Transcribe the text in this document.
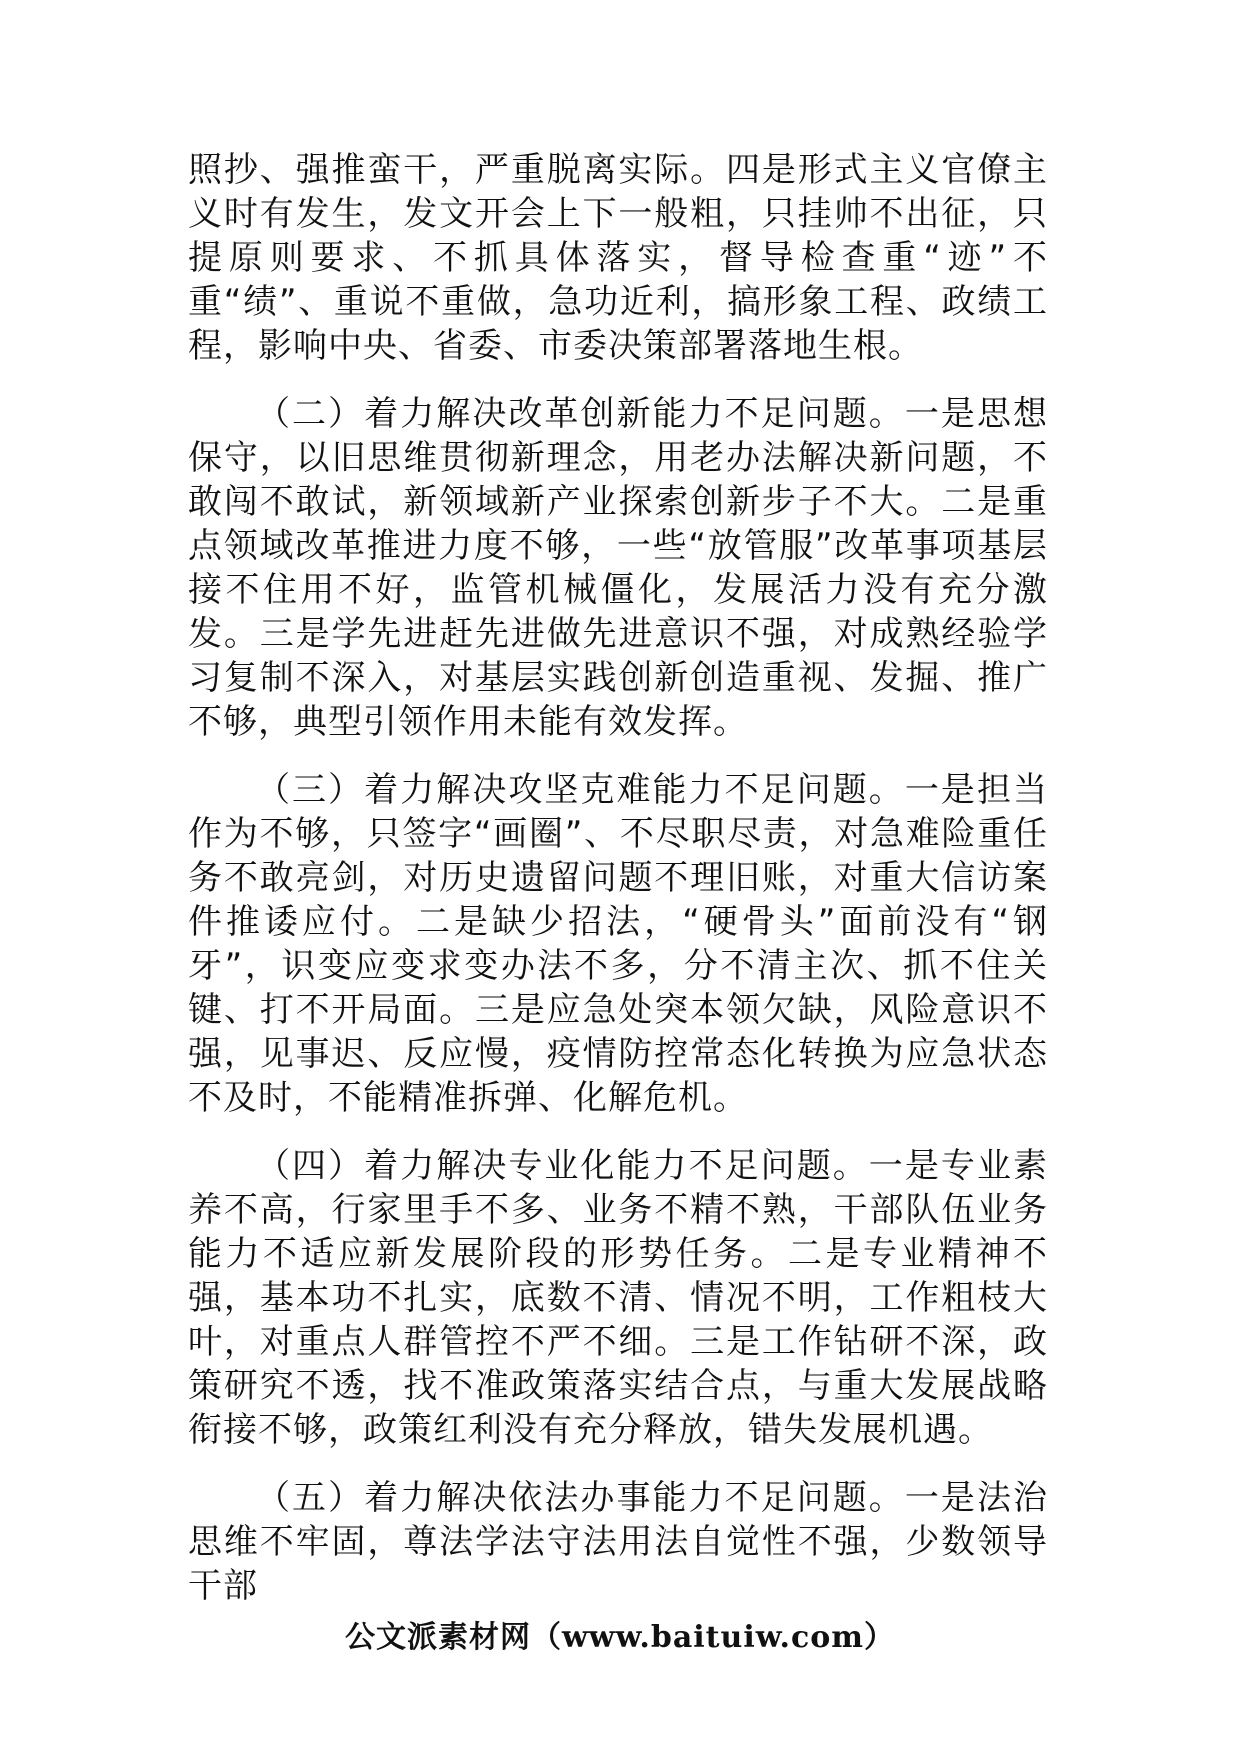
照抄、强推蛮干，严重脱离实际。四是形式主义官僚主义时有发生，发文开会上下一般粗，只挂帅不出征，只提原则要求、不抓具体落实，督导检查重“迹”不重“绩”、重说不重做，急功近利，搞形象工程、政绩工程，影响中央、省委、市委决策部署落地生根。

（二）着力解决改革创新能力不足问题。一是思想保守，以旧思维贯彻新理念，用老办法解决新问题，不敢闯不敢试，新领域新产业探索创新步子不大。二是重点领域改革推进力度不够，一些“放管服”改革事项基层接不住用不好，监管机械僵化，发展活力没有充分激发。三是学先进赶先进做先进意识不强，对成熟经验学习复制不深入，对基层实践创新创造重视、发掘、推广不够，典型引领作用未能有效发挥。

（三）着力解决攻坚克难能力不足问题。一是担当作为不够，只签字“画圈”、不尽职尽责，对急难险重任务不敢亮剑，对历史遗留问题不理旧账，对重大信访案件推诿应付。二是缺少招法，“硬骨头”面前没有“钢牙”，识变应变求变办法不多，分不清主次、抓不住关键、打不开局面。三是应急处突本领欠缺，风险意识不强，见事迟、反应慢，疫情防控常态化转换为应急状态不及时，不能精准拆弹、化解危机。

（四）着力解决专业化能力不足问题。一是专业素养不高，行家里手不多、业务不精不熟，干部队伍业务能力不适应新发展阶段的形势任务。二是专业精神不强，基本功不扎实，底数不清、情况不明，工作粗枝大叶，对重点人群管控不严不细。三是工作钻研不深，政策研究不透，找不准政策落实结合点，与重大发展战略衔接不够，政策红利没有充分释放，错失发展机遇。

（五）着力解决依法办事能力不足问题。一是法治思维不牢固，尊法学法守法用法自觉性不强，少数领导干部

公文派素材网（www.baituiw.com）
